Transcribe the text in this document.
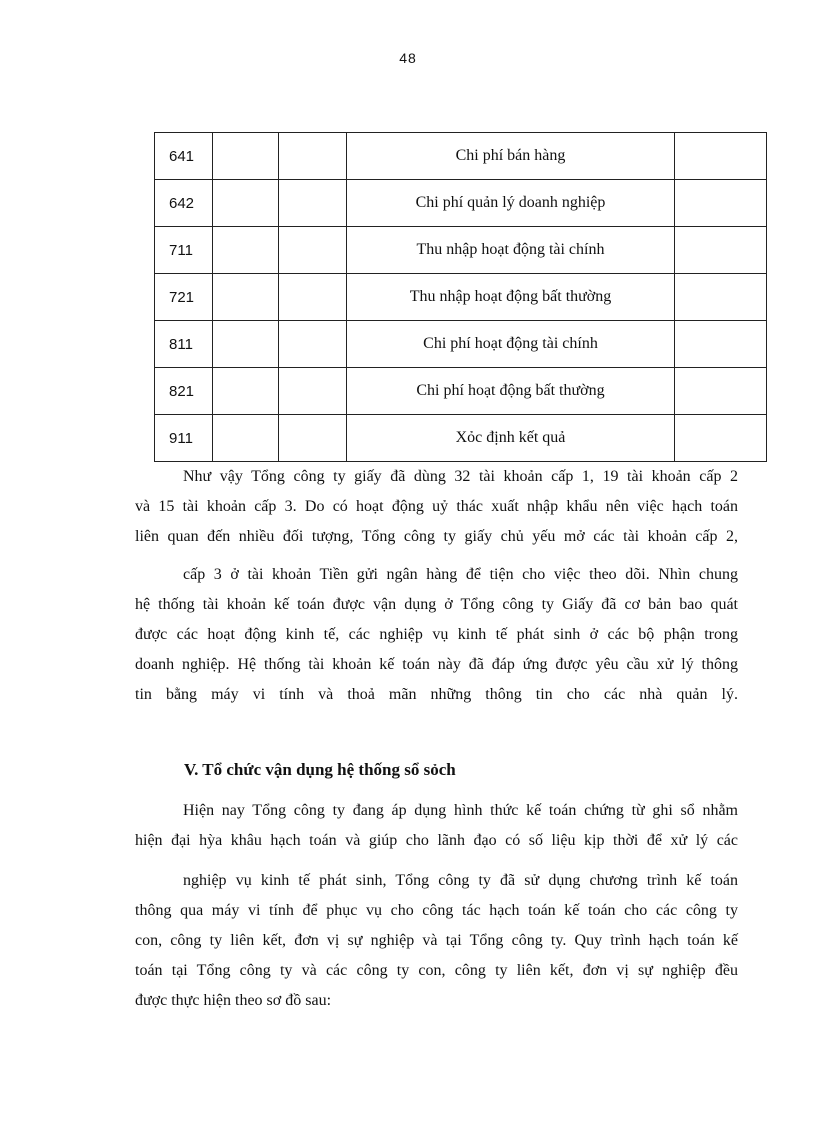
48
641			Chi phí bán hàng	
642			Chi phí quản lý doanh nghiệp	
711			Thu nhập hoạt động tài chính	
721			Thu nhập hoạt động bất thường	
811			Chi phí hoạt động tài chính	
821			Chi phí hoạt động bất thường	
911			Xỏc định kết quả	
Như vậy Tổng công ty giấy đã dùng 32 tài khoản cấp 1, 19 tài khoản cấp 2
và 15 tài khoản cấp 3. Do có hoạt động uỷ thác xuất nhập khẩu nên việc hạch toán
liên quan đến nhiều đối tượng, Tổng công ty giấy chủ yếu mở các tài khoản cấp 2,
cấp 3 ở tài khoản Tiền gửi ngân hàng để tiện cho việc theo dõi. Nhìn chung
hệ thống tài khoản kế toán được vận dụng ở Tổng công ty Giấy đã cơ bản bao quát
được các hoạt động kinh tế, các nghiệp vụ kinh tế phát sinh ở các bộ phận trong
doanh nghiệp. Hệ thống tài khoản kế toán này đã đáp ứng được yêu cầu xử lý thông
tin bằng máy vi tính và thoả mãn những thông tin cho các nhà quản lý.
V. Tổ chức vận dụng hệ thống sổ sỏch
Hiện nay Tổng công ty đang áp dụng hình thức kế toán chứng từ ghi sổ nhằm
hiện đại hỳa khâu hạch toán và giúp cho lãnh đạo có số liệu kịp thời để xử lý các
nghiệp vụ kinh tế phát sinh, Tổng công ty đã sử dụng chương trình kế toán
thông qua máy vi tính để phục vụ cho công tác hạch toán kế toán cho các công ty
con, công ty liên kết, đơn vị sự nghiệp và tại Tổng công ty. Quy trình hạch toán kế
toán tại Tổng công ty và các công ty con, công ty liên kết, đơn vị sự nghiệp đều
được thực hiện theo sơ đồ sau:
